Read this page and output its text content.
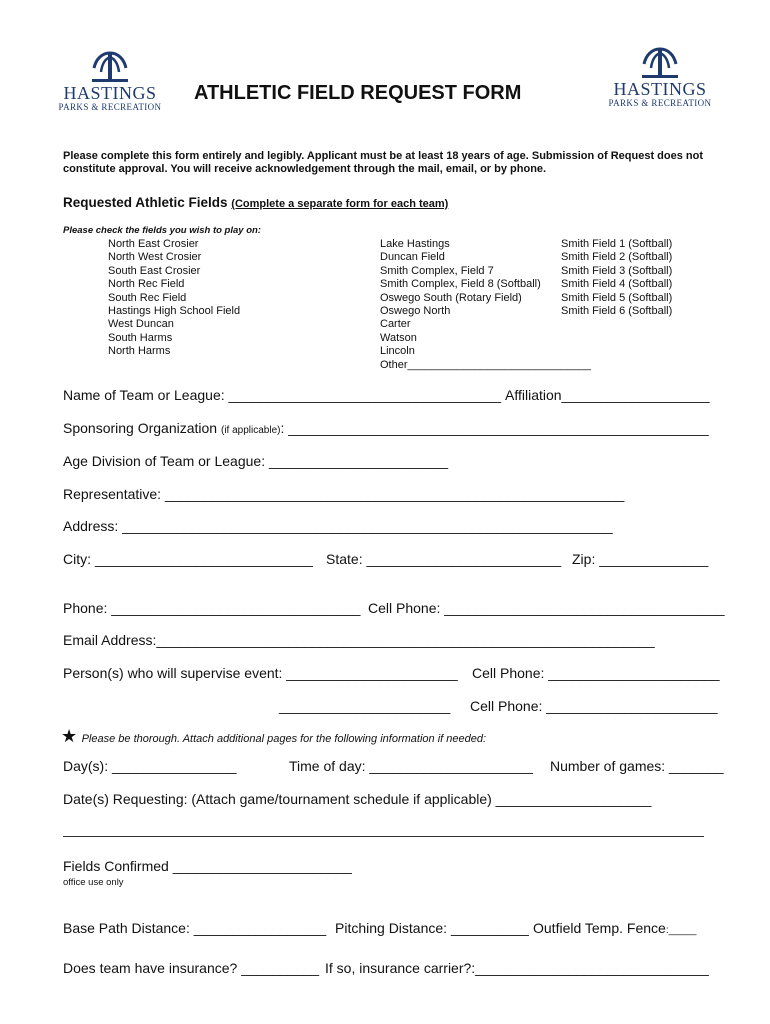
HASTINGS
PARKS & RECREATION
HASTINGS
PARKS & RECREATION
ATHLETIC FIELD REQUEST FORM
Please complete this form entirely and legibly. Applicant must be at least 18 years of age. Submission of Request does not constitute approval. You will receive acknowledgement through the mail, email, or by phone.
Requested Athletic Fields (Complete a separate form for each team)
Please check the fields you wish to play on:
North East Crosier
North West Crosier
South East Crosier
North Rec Field
South Rec Field
Hastings High School Field
West Duncan
South Harms
North Harms
Lake Hastings
Duncan Field
Smith Complex, Field 7
Smith Complex, Field 8 (Softball)
Oswego South (Rotary Field)
Oswego North
Carter
Watson
Lincoln
Other______________________________
Smith Field 1 (Softball)
Smith Field 2 (Softball)
Smith Field 3 (Softball)
Smith Field 4 (Softball)
Smith Field 5 (Softball)
Smith Field 6 (Softball)
Name of Team or League: ___________________________________ Affiliation___________________
Sponsoring Organization (if applicable): ______________________________________________________
Age Division of Team or League: _______________________
Representative: ___________________________________________________________
Address: _______________________________________________________________
City: ____________________________ State: _________________________ Zip: ______________
Phone: ________________________________ Cell Phone: ____________________________________
Email Address:________________________________________________________________
Person(s) who will supervise event: ______________________ Cell Phone: ______________________
______________________ Cell Phone: ______________________
★ Please be thorough. Attach additional pages for the following information if needed:
Day(s): ________________	Time of day: _____________________ Number of games: _______
Date(s) Requesting: (Attach game/tournament schedule if applicable) ____________________
Fields Confirmed _______________________
office use only
Base Path Distance: _________________ Pitching Distance: __________ Outfield Temp. Fence:_____
Does team have insurance? __________ If so, insurance carrier?:______________________________
